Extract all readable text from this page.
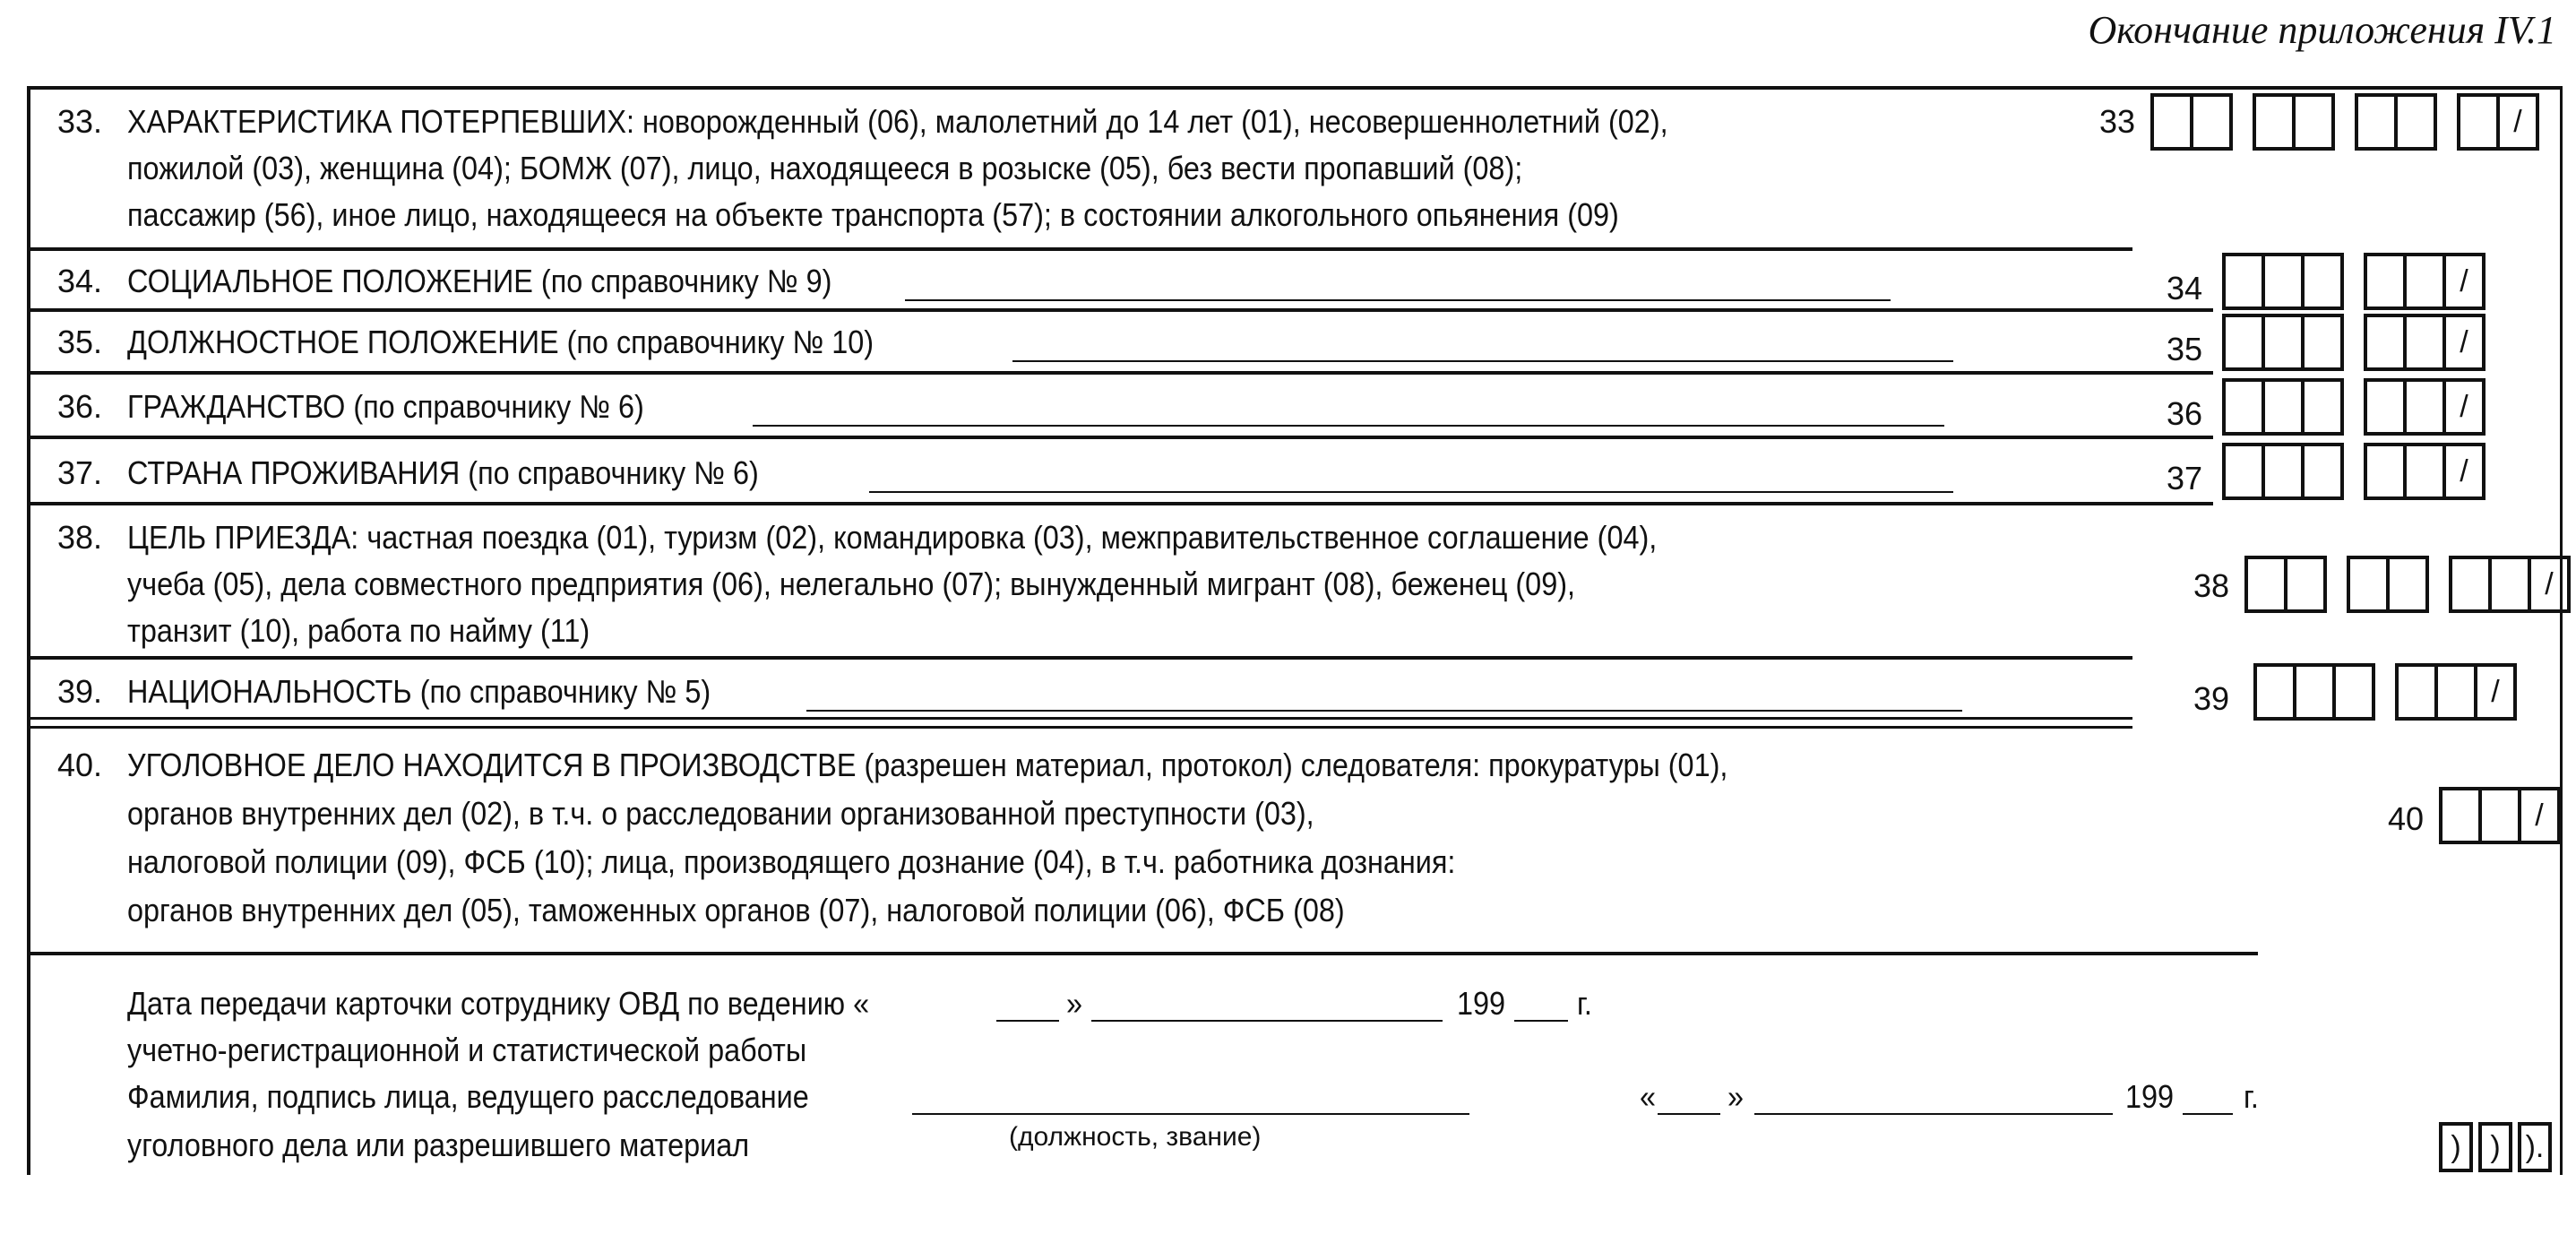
Окончание приложения IV.1
33. ХАРАКТЕРИСТИКА ПОТЕРПЕВШИХ: новорожденный (06), малолетний до 14 лет (01), несовершеннолетний (02),
пожилой (03), женщина (04); БОМЖ (07), лицо, находящееся в розыске (05), без вести пропавший (08);
пассажир (56), иное лицо, находящееся на объекте транспорта (57); в состоянии алкогольного опьянения (09)
33	/
34. СОЦИАЛЬНОЕ ПОЛОЖЕНИЕ (по справочнику № 9)	34	/
35. ДОЛЖНОСТНОЕ ПОЛОЖЕНИЕ (по справочнику № 10)	35	/
36. ГРАЖДАНСТВО (по справочнику № 6)	36	/
37. СТРАНА ПРОЖИВАНИЯ (по справочнику № 6)	37	/
38. ЦЕЛЬ ПРИЕЗДА: частная поездка (01), туризм (02), командировка (03), межправительственное соглашение (04),
учеба (05), дела совместного предприятия (06), нелегально (07); вынужденный мигрант (08), беженец (09),
транзит (10), работа по найму (11)
38	/
39. НАЦИОНАЛЬНОСТЬ (по справочнику № 5)	39	/
40. УГОЛОВНОЕ ДЕЛО НАХОДИТСЯ В ПРОИЗВОДСТВЕ (разрешен материал, протокол) следователя: прокуратуры (01),
органов внутренних дел (02), в т.ч. о расследовании организованной преступности (03),
налоговой полиции (09), ФСБ (10); лица, производящего дознание (04), в т.ч. работника дознания:
органов внутренних дел (05), таможенных органов (07), налоговой полиции (06), ФСБ (08)
40	/
Дата передачи карточки сотруднику ОВД по ведению «	»	199 г.
учетно-регистрационной и статистической работы
Фамилия, подпись лица, ведущего расследование	« »	199 г.
уголовного дела или разрешившего материал	(должность, звание)	) ) ).
